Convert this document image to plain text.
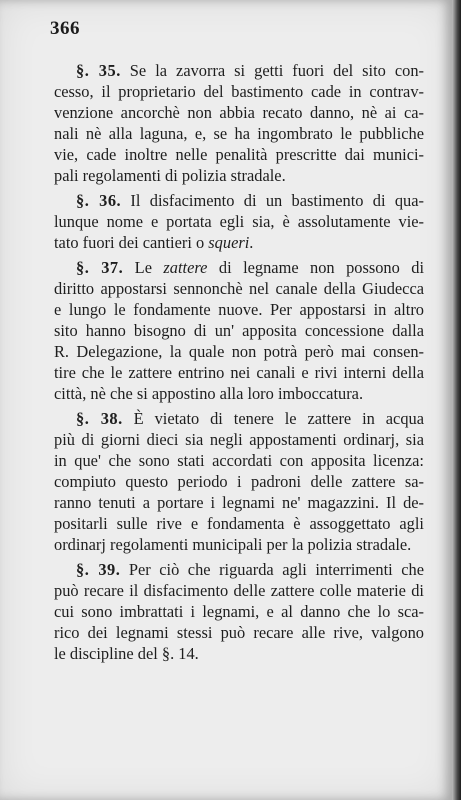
366
§. 35. Se la zavorra si getti fuori del sito con-
cesso, il proprietario del bastimento cade in contrav-
venzione ancorchè non abbia recato danno, nè ai ca-
nali nè alla laguna, e, se ha ingombrato le pubbliche
vie, cade inoltre nelle penalità prescritte dai munici-
pali regolamenti di polizia stradale.
§. 36. Il disfacimento di un bastimento di qua-
lunque nome e portata egli sia, è assolutamente vie-
tato fuori dei cantieri o squeri.
§. 37. Le zattere di legname non possono di
diritto appostarsi sennonchè nel canale della Giudecca
e lungo le fondamente nuove. Per appostarsi in altro
sito hanno bisogno di un' apposita concessione dalla
R. Delegazione, la quale non potrà però mai consen-
tire che le zattere entrino nei canali e rivi interni della
città, nè che si appostino alla loro imboccatura.
§. 38. È vietato di tenere le zattere in acqua
più di giorni dieci sia negli appostamenti ordinarj, sia
in que' che sono stati accordati con apposita licenza:
compiuto questo periodo i padroni delle zattere sa-
ranno tenuti a portare i legnami ne' magazzini. Il de-
positarli sulle rive e fondamenta è assoggettato agli
ordinarj regolamenti municipali per la polizia stradale.
§. 39. Per ciò che riguarda agli interrimenti che
può recare il disfacimento delle zattere colle materie di
cui sono imbrattati i legnami, e al danno che lo sca-
rico dei legnami stessi può recare alle rive, valgono
le discipline del §. 14.
